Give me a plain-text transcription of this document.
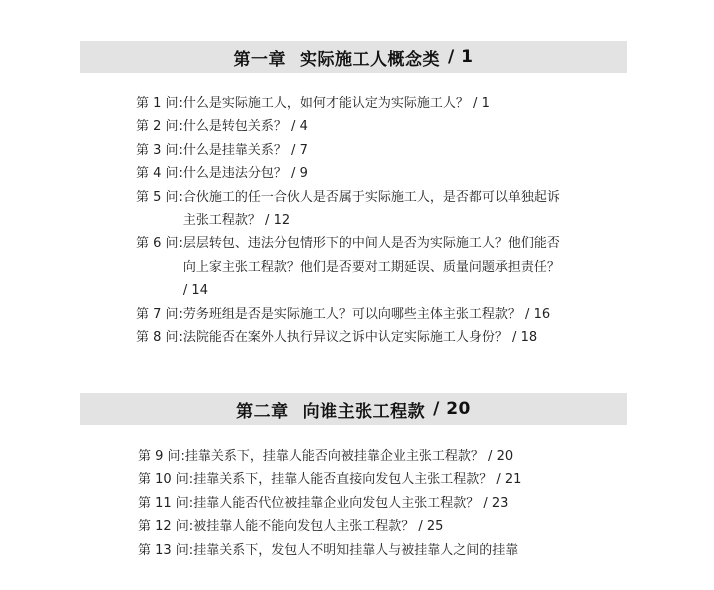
第一章 实际施工人概念类 / 1
第 1 问: 什么是实际施工人，如何才能认定为实际施工人？ / 1
第 2 问: 什么是转包关系？ / 4
第 3 问: 什么是挂靠关系？ / 7
第 4 问: 什么是违法分包？ / 9
第 5 问: 合伙施工的任一合伙人是否属于实际施工人，是否都可以单独起诉主张工程款？ / 12
第 6 问: 层层转包、违法分包情形下的中间人是否为实际施工人？他们能否向上家主张工程款？他们是否要对工期延误、质量问题承担责任？ / 14
第 7 问: 劳务班组是否是实际施工人？可以向哪些主体主张工程款？ / 16
第 8 问: 法院能否在案外人执行异议之诉中认定实际施工人身份？ / 18
第二章 向谁主张工程款 / 20
第 9 问: 挂靠关系下，挂靠人能否向被挂靠企业主张工程款？ / 20
第 10 问: 挂靠关系下，挂靠人能否直接向发包人主张工程款？ / 21
第 11 问: 挂靠人能否代位被挂靠企业向发包人主张工程款？ / 23
第 12 问: 被挂靠人能不能向发包人主张工程款？ / 25
第 13 问: 挂靠关系下，发包人不明知挂靠人与被挂靠人之间的挂靠
